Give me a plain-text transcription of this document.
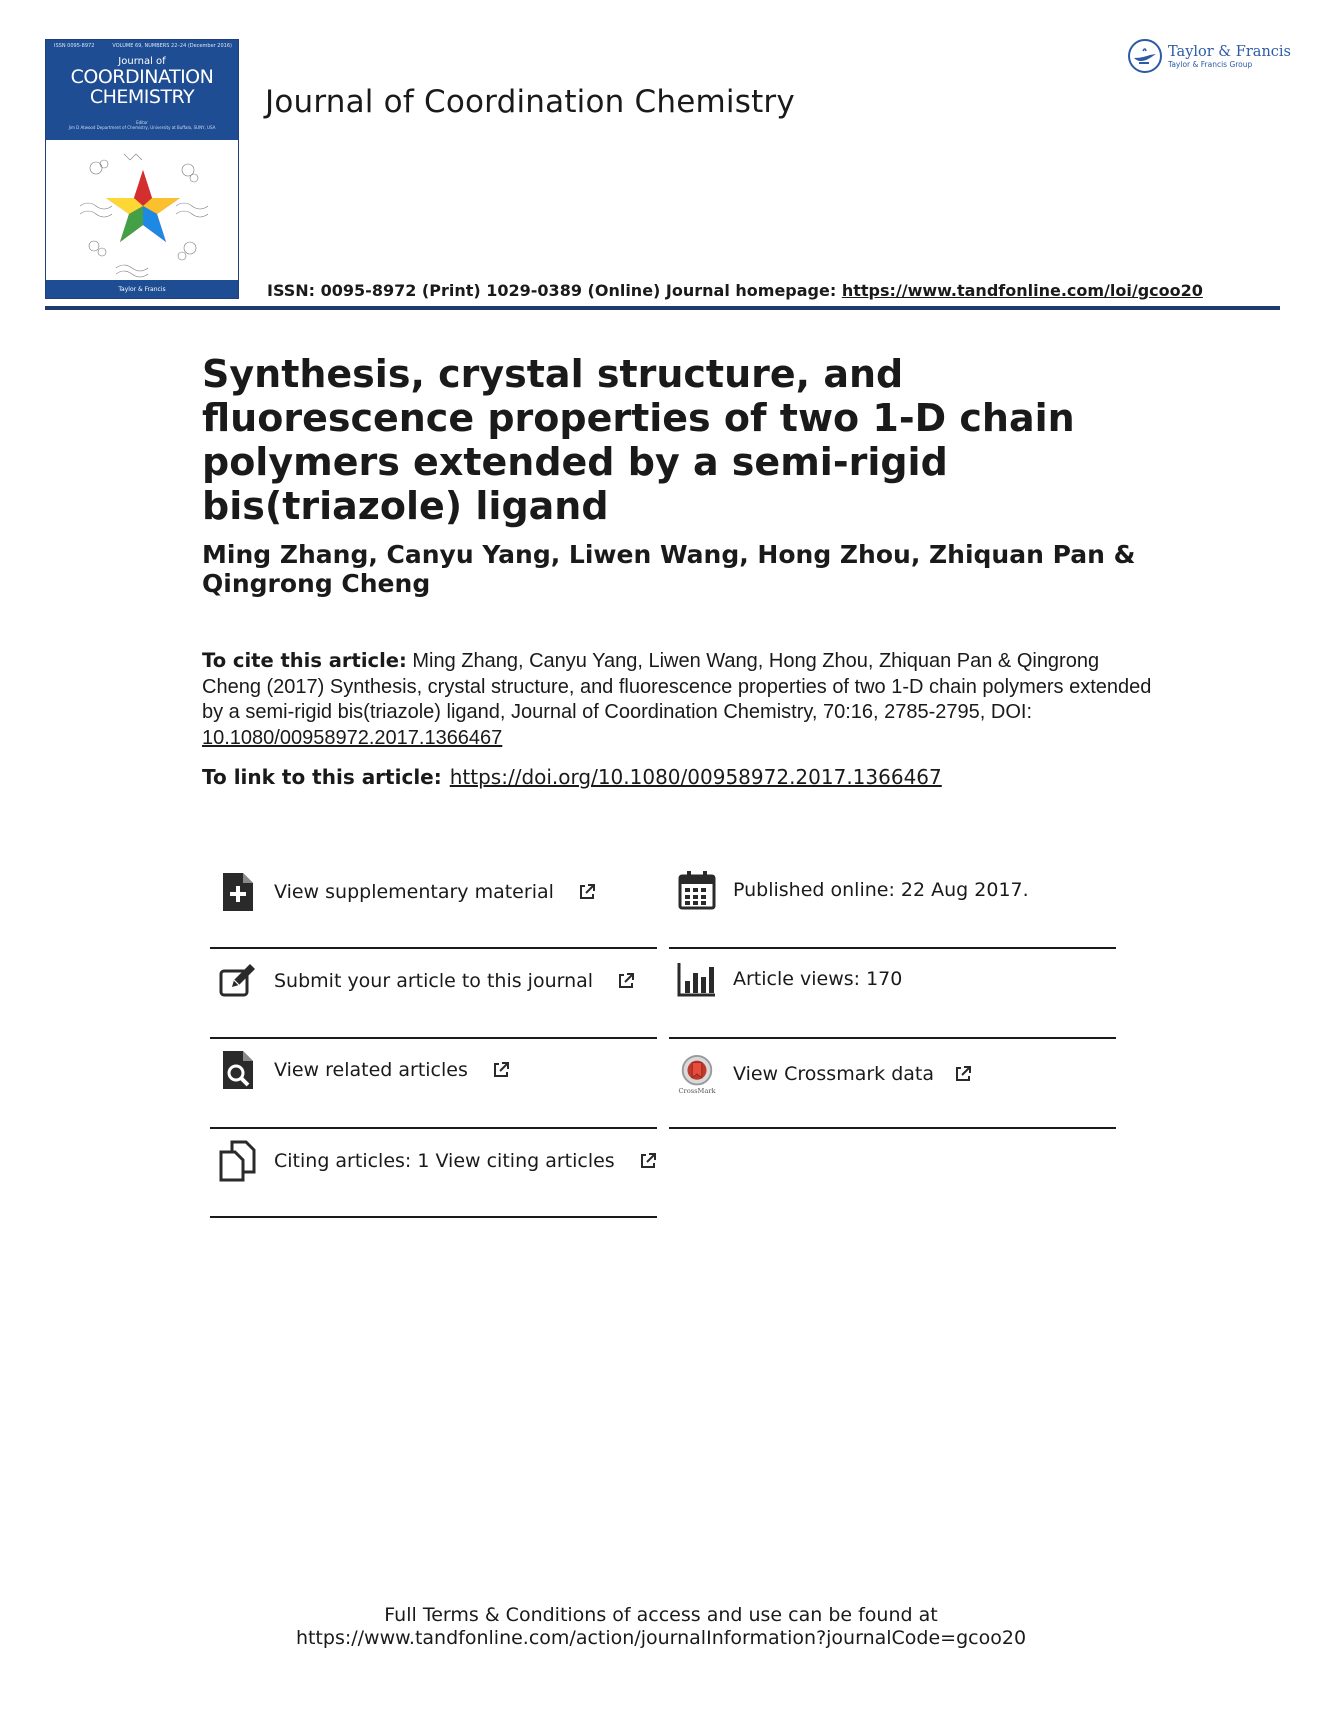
ISSN 0095-8972	VOLUME 69, NUMBERS 22–24 (December 2016)
Journal of
COORDINATION
CHEMISTRY
Editor
Jim D Atwood Department of Chemistry, University at Buffalo, SUNY, USA
Taylor & Francis
Journal of Coordination Chemistry
ISSN: 0095-8972 (Print) 1029-0389 (Online) Journal homepage: https://www.tandfonline.com/loi/gcoo20
Taylor & Francis
Taylor & Francis Group
Synthesis, crystal structure, and fluorescence properties of two 1-D chain polymers extended by a semi-rigid bis(triazole) ligand
Ming Zhang, Canyu Yang, Liwen Wang, Hong Zhou, Zhiquan Pan & Qingrong Cheng
To cite this article: Ming Zhang, Canyu Yang, Liwen Wang, Hong Zhou, Zhiquan Pan & Qingrong Cheng (2017) Synthesis, crystal structure, and fluorescence properties of two 1-D chain polymers extended by a semi-rigid bis(triazole) ligand, Journal of Coordination Chemistry, 70:16, 2785-2795, DOI: 10.1080/00958972.2017.1366467
To link to this article: https://doi.org/10.1080/00958972.2017.1366467
View supplementary material
Submit your article to this journal
View related articles
Citing articles: 1 View citing articles
Published online: 22 Aug 2017.
Article views: 170
CrossMark
View Crossmark data
Full Terms & Conditions of access and use can be found at
https://www.tandfonline.com/action/journalInformation?journalCode=gcoo20
